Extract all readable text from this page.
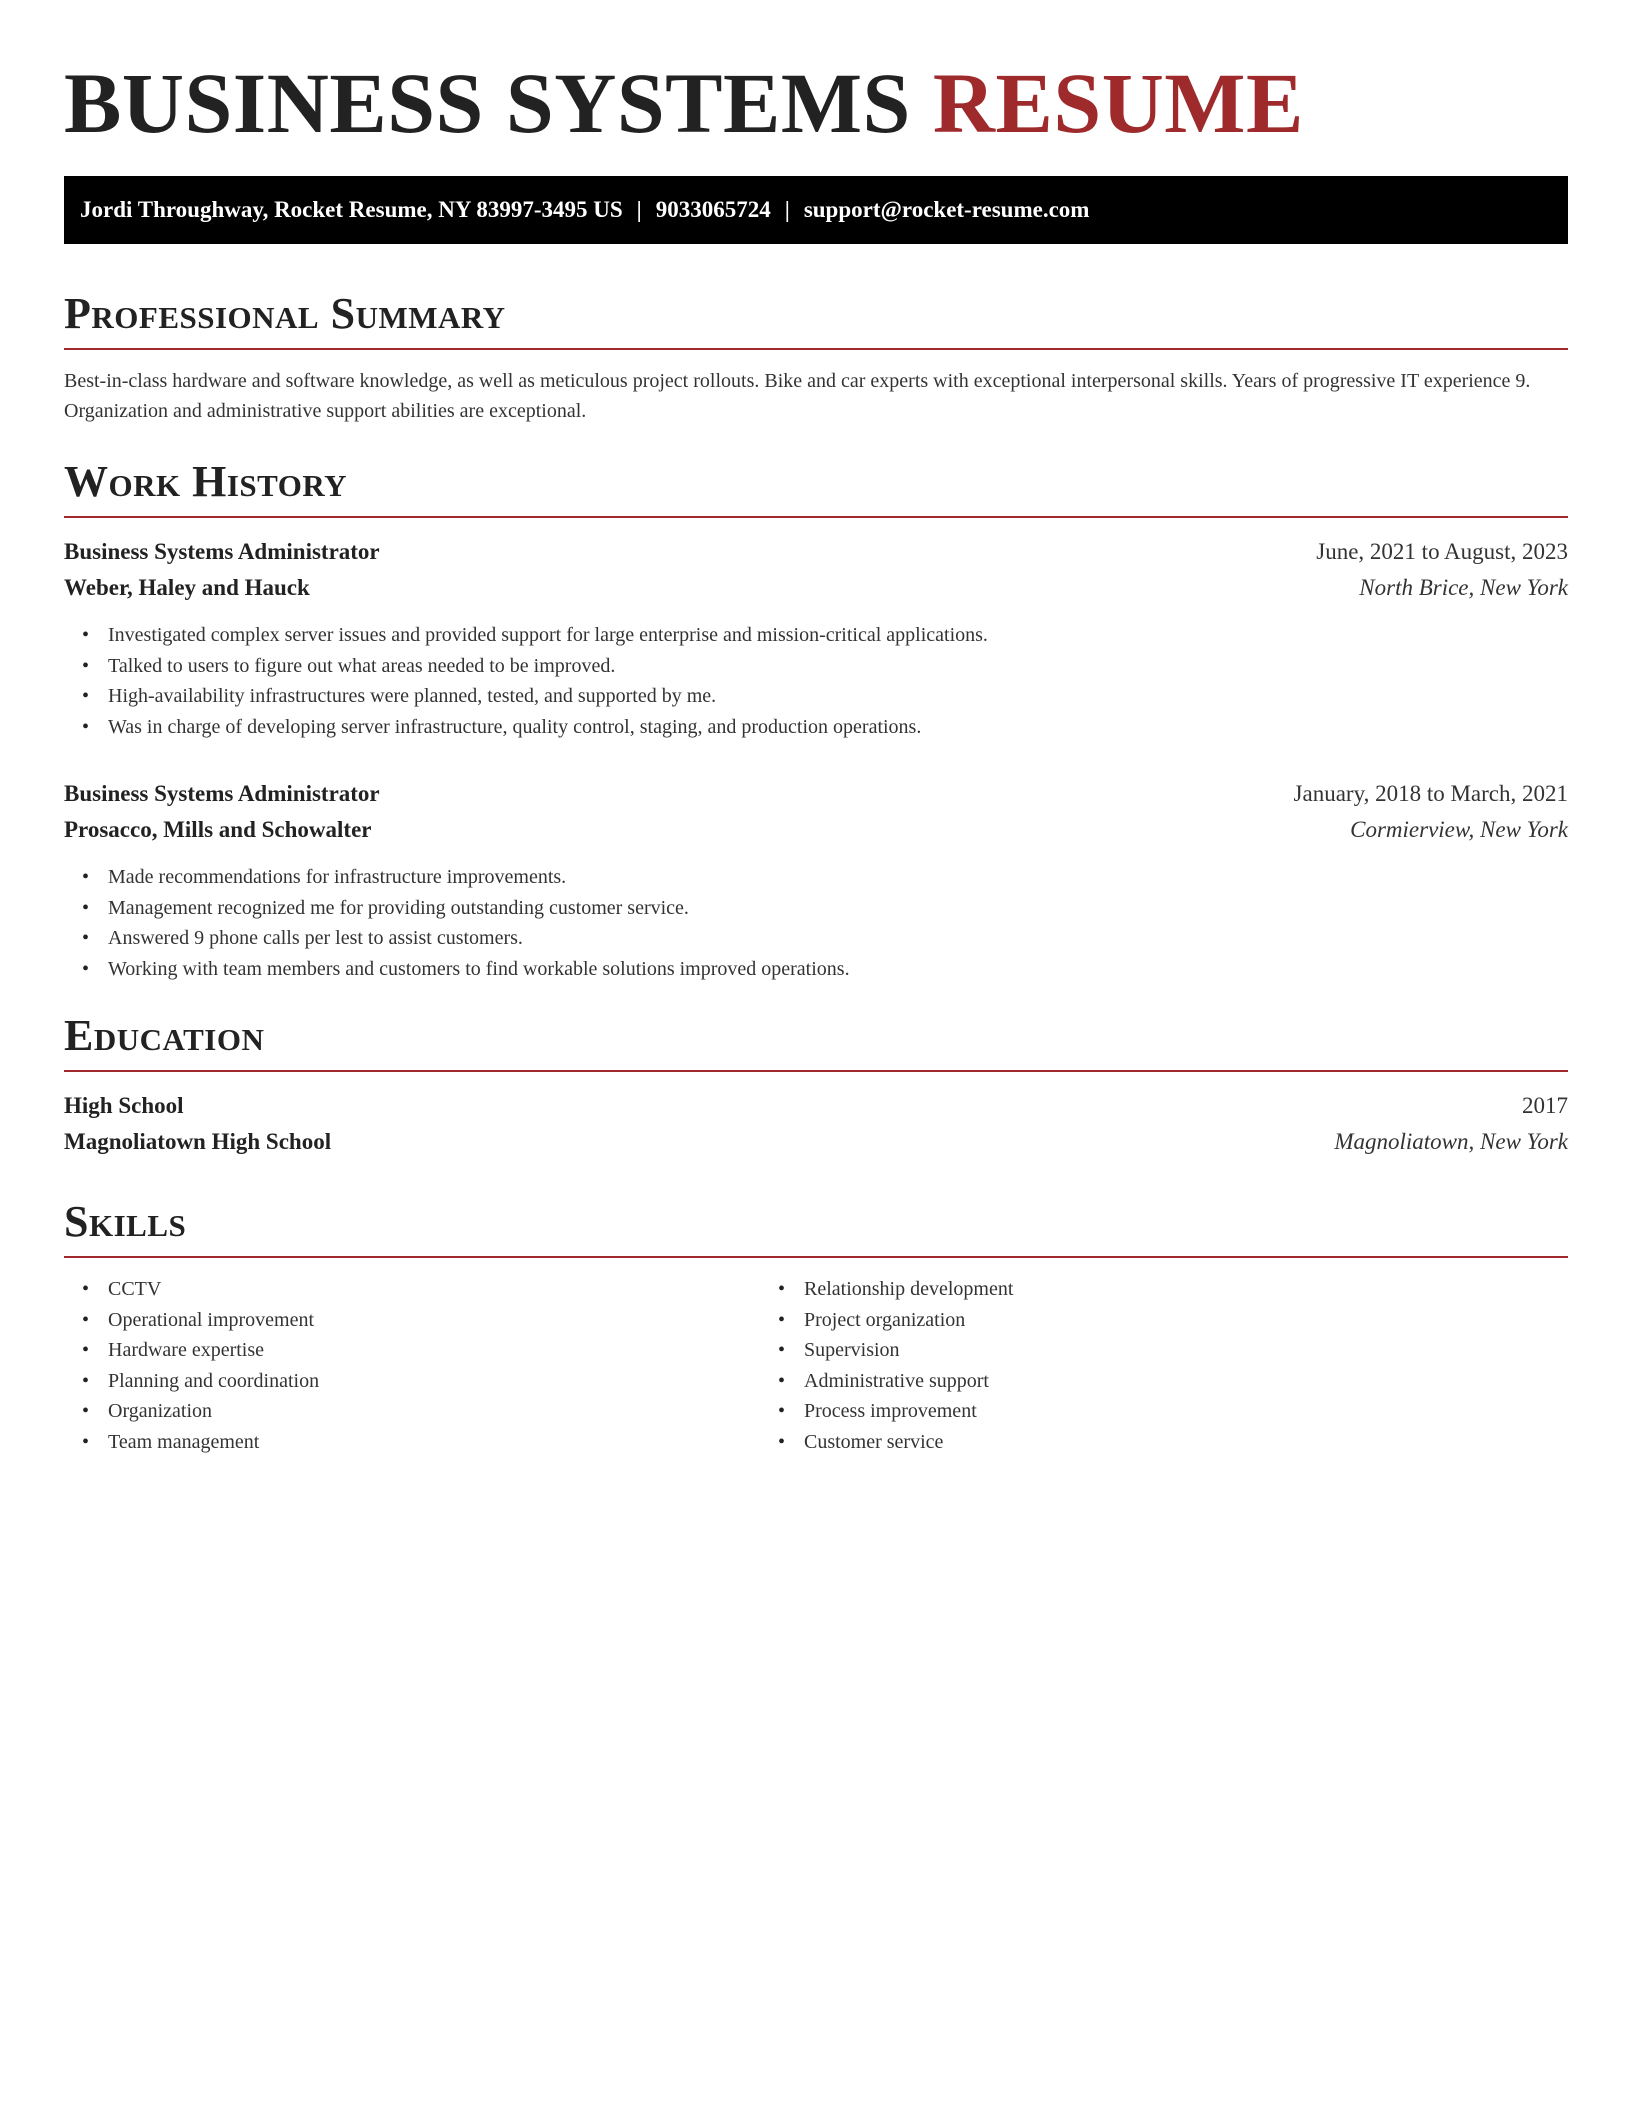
BUSINESS SYSTEMS RESUME
Jordi Throughway, Rocket Resume, NY 83997-3495 US | 9033065724 | support@rocket-resume.com
Professional Summary

Best-in-class hardware and software knowledge, as well as meticulous project rollouts. Bike and car experts with exceptional interpersonal skills. Years of progressive IT experience 9. Organization and administrative support abilities are exceptional.

Work History
Business Systems Administrator	June, 2021 to August, 2023
Weber, Haley and Hauck	North Brice, New York
• Investigated complex server issues and provided support for large enterprise and mission-critical applications.
• Talked to users to figure out what areas needed to be improved.
• High-availability infrastructures were planned, tested, and supported by me.
• Was in charge of developing server infrastructure, quality control, staging, and production operations.
Business Systems Administrator	January, 2018 to March, 2021
Prosacco, Mills and Schowalter	Cormierview, New York
• Made recommendations for infrastructure improvements.
• Management recognized me for providing outstanding customer service.
• Answered 9 phone calls per lest to assist customers.
• Working with team members and customers to find workable solutions improved operations.
Education
High School	2017
Magnoliatown High School	Magnoliatown, New York
Skills
• CCTV
• Operational improvement
• Hardware expertise
• Planning and coordination
• Organization
• Team management
• Relationship development
• Project organization
• Supervision
• Administrative support
• Process improvement
• Customer service
